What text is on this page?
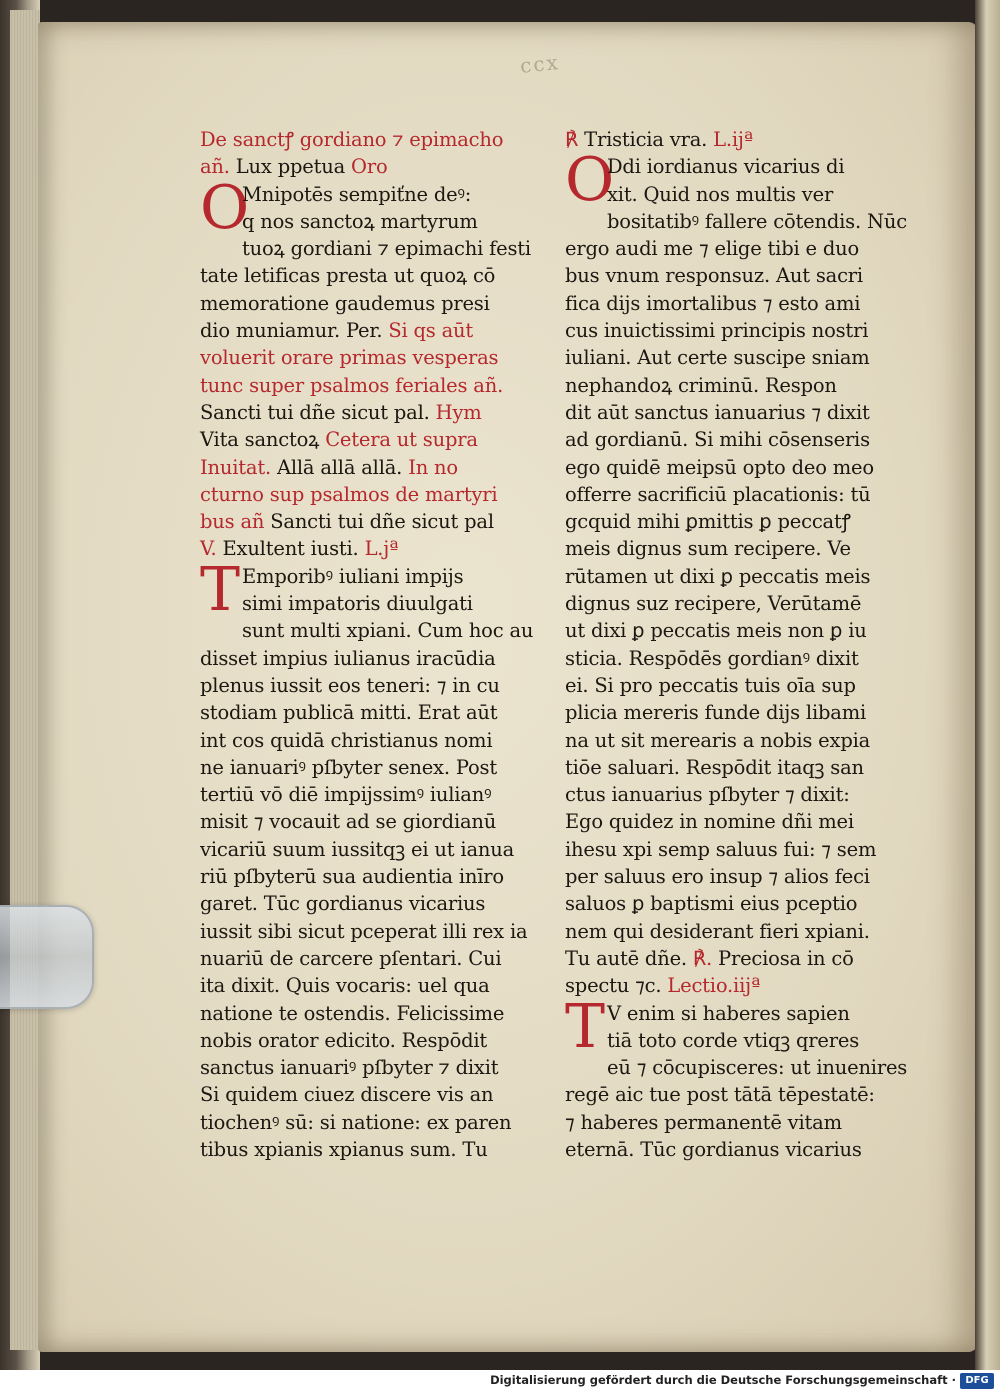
ccx
De sanctꝭ gordiano ⁊ epimacho
añ. Lux ppetua Oro
O
Mnipotēs sempiťne deꝰ:
q nos sanctoꝝ martyrum
tuoꝝ gordiani ⁊ epimachi festi
tate letificas presta ut quoꝝ cō
memoratione gaudemus presi
dio muniamur. Per. Si qs aūt
voluerit orare primas vesperas
tunc super psalmos feriales añ.
Sancti tui dñe sicut pal. Hym
Vita sanctoꝝ Cetera ut supra
Inuitat. Allā allā allā. In no
cturno sup psalmos de martyri
bus añ Sancti tui dñe sicut pal
V. Exultent iusti. L.jª
T Emporibꝰ iuliani impijs
simi impatoris diuulgati
sunt multi xpiani. Cum hoc au
disset impius iulianus iracūdia
plenus iussit eos teneri: ⁊ in cu
stodiam publicā mitti. Erat aūt
int cos quidā christianus nomi
ne ianuariꝰ pſbyter senex. Post
tertiū vō diē impijssimꝰ iulianꝰ
misit ⁊ vocauit ad se giordianū
vicariū suum iussitqꝫ ei ut ianua
riū pſbyterū sua audientia inīro
garet. Tūc gordianus vicarius
iussit sibi sicut pceperat illi rex ia
nuariū de carcere pſentari. Cui
ita dixit. Quis vocaris: uel qua
natione te ostendis. Felicissime
nobis orator edicito. Respōdit
sanctus ianuariꝰ pſbyter ⁊ dixit
Si quidem ciuez discere vis an
tiochenꝰ sū: si natione: ex paren
tibus xpianis xpianus sum. Tu
℟ Tristicia vra. L.ijª
O
Ddi iordianus vicarius di
xit. Quid nos multis ver
bositatibꝰ fallere cōtendis. Nūc
ergo audi me ⁊ elige tibi e duo
bus vnum responsuz. Aut sacri
fica dijs imortalibus ⁊ esto ami
cus inuictissimi principis nostri
iuliani. Aut certe suscipe sniam
nephandoꝝ criminū. Respon
dit aūt sanctus ianuarius ⁊ dixit
ad gordianū. Si mihi cōsenseris
ego quidē meipsū opto deo meo
offerre sacrificiū placationis: tū
gcquid mihi ꝑmittis ꝑ peccatꝭ
meis dignus sum recipere. Ve
rūtamen ut dixi ꝑ peccatis meis
dignus suz recipere, Verūtamē
ut dixi ꝑ peccatis meis non ꝑ iu
sticia. Respōdēs gordianꝰ dixit
ei. Si pro peccatis tuis oīa sup
plicia mereris funde dijs libami
na ut sit merearis a nobis expia
tiōe saluari. Respōdit itaqꝫ san
ctus ianuarius pſbyter ⁊ dixit:
Ego quidez in nomine dñi mei
ihesu xpi semp saluus fui: ⁊ sem
per saluus ero insup ⁊ alios feci
saluos ꝑ baptismi eius pceptio
nem qui desiderant fieri xpiani.
Tu autē dñe. ℟. Preciosa in cō
spectu ⁊c. Lectio.iijª
T V enim si haberes sapien
tiā toto corde vtiqꝫ qreres
eū ⁊ cōcupisceres: ut inuenires
regē aic tue post tātā tēpestatē:
⁊ haberes permanentē vitam
eternā. Tūc gordianus vicarius
Digitalisierung gefördert durch die Deutsche Forschungsgemeinschaft · DFG
